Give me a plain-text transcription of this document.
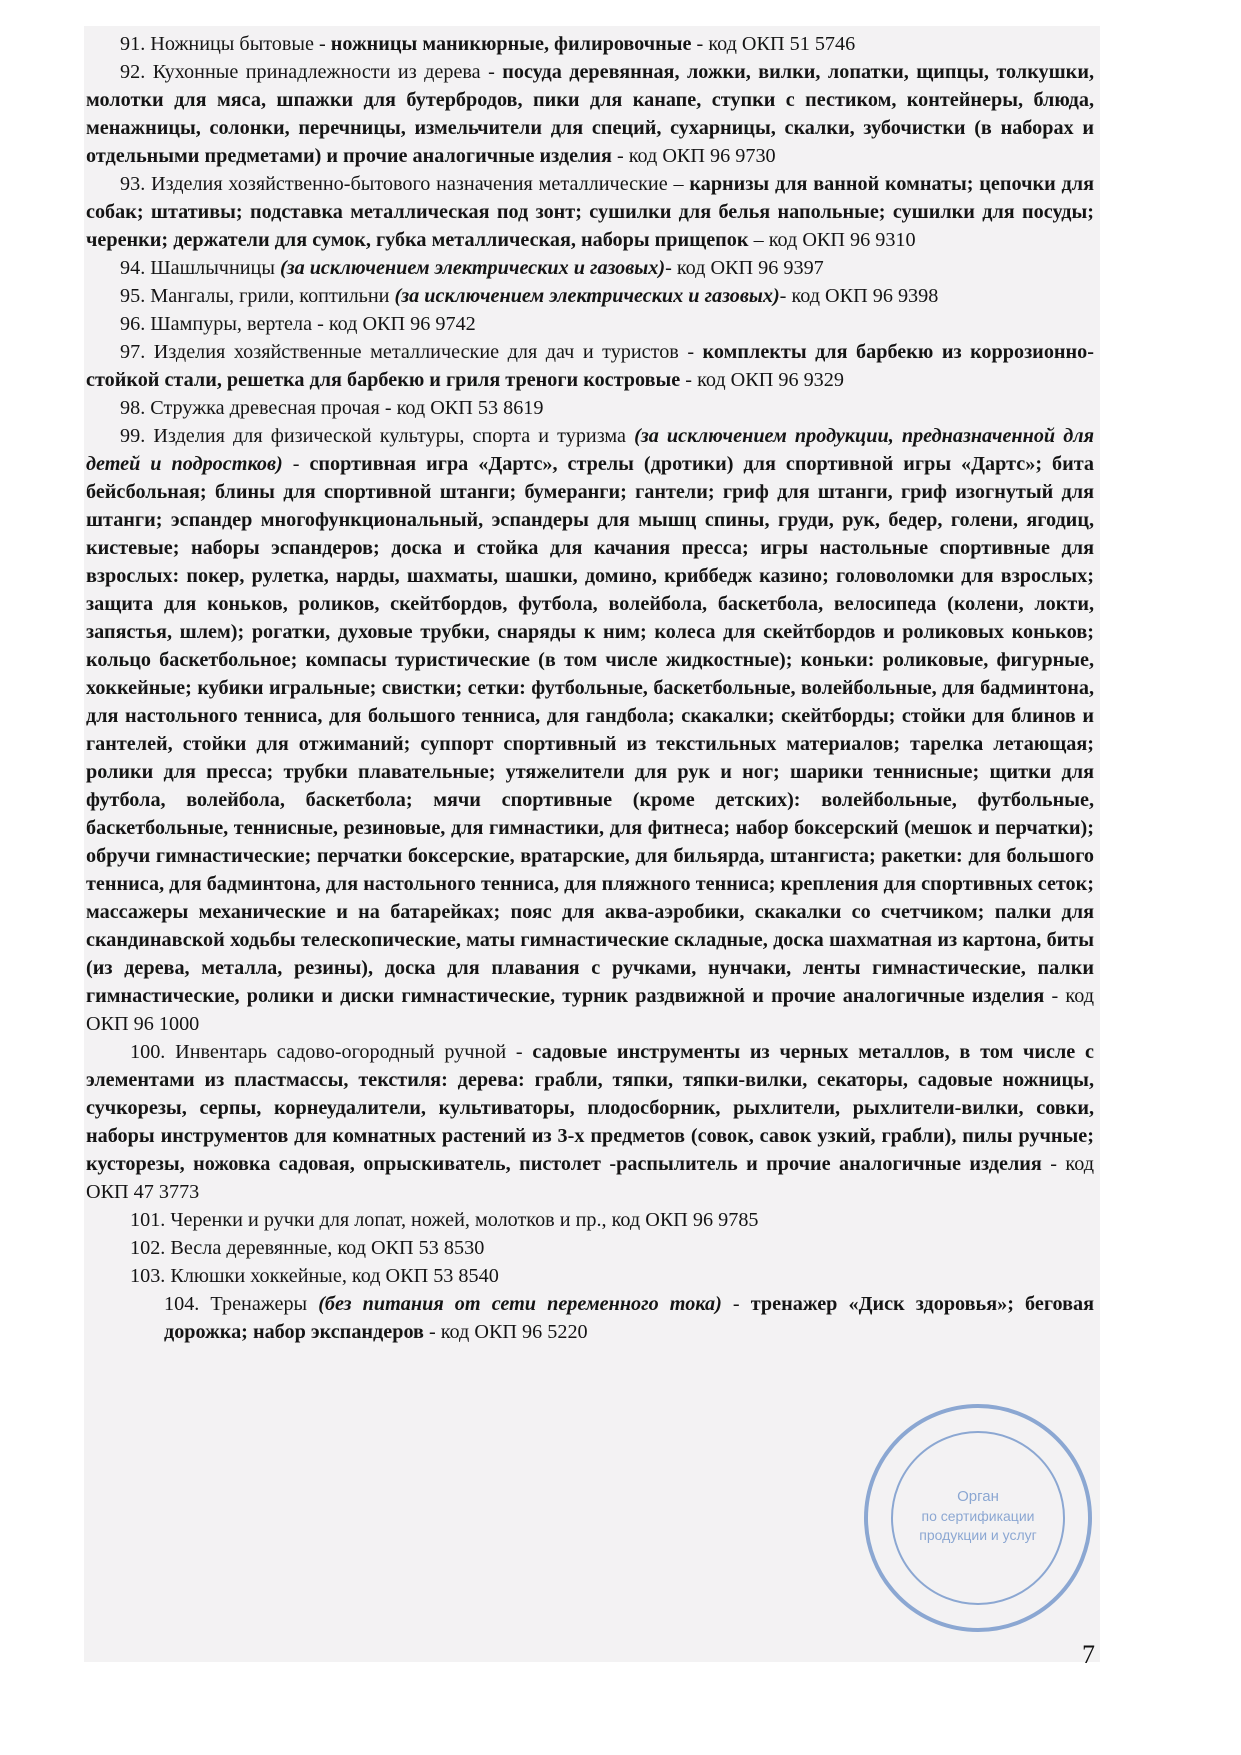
91. Ножницы бытовые - ножницы маникюрные, филировочные - код ОКП 51 5746

92. Кухонные принадлежности из дерева - посуда деревянная, ложки, вилки, лопатки, щипцы, толкушки, молотки для мяса, шпажки для бутербродов, пики для канапе, ступки с пестиком, контейнеры, блюда, менажницы, солонки, перечницы, измельчители для специй, сухарницы, скалки, зубочистки (в наборах и отдельными предметами) и прочие аналогичные изделия - код ОКП 96 9730

93. Изделия хозяйственно-бытового назначения металлические – карнизы для ванной комнаты; цепочки для собак; штативы; подставка металлическая под зонт; сушилки для белья напольные; сушилки для посуды; черенки; держатели для сумок, губка металлическая, наборы прищепок – код ОКП 96 9310

94. Шашлычницы (за исключением электрических и газовых)- код ОКП 96 9397

95. Мангалы, грили, коптильни (за исключением электрических и газовых)- код ОКП 96 9398

96. Шампуры, вертела - код ОКП 96 9742

97. Изделия хозяйственные металлические для дач и туристов - комплекты для барбекю из коррозионно-стойкой стали, решетка для барбекю и гриля треноги костровые - код ОКП 96 9329

98. Стружка древесная прочая - код ОКП 53 8619

99. Изделия для физической культуры, спорта и туризма (за исключением продукции, предназначенной для детей и подростков) - спортивная игра «Дартс», стрелы (дротики) для спортивной игры «Дартс»; бита бейсбольная; блины для спортивной штанги; бумеранги; гантели; гриф для штанги, гриф изогнутый для штанги; эспандер многофункциональный, эспандеры для мышц спины, груди, рук, бедер, голени, ягодиц, кистевые; наборы эспандеров; доска и стойка для качания пресса; игры настольные спортивные для взрослых: покер, рулетка, нарды, шахматы, шашки, домино, криббедж казино; головоломки для взрослых; защита для коньков, роликов, скейтбордов, футбола, волейбола, баскетбола, велосипеда (колени, локти, запястья, шлем); рогатки, духовые трубки, снаряды к ним; колеса для скейтбордов и роликовых коньков; кольцо баскетбольное; компасы туристические (в том числе жидкостные); коньки: роликовые, фигурные, хоккейные; кубики игральные; свистки; сетки: футбольные, баскетбольные, волейбольные, для бадминтона, для настольного тенниса, для большого тенниса, для гандбола; скакалки; скейтборды; стойки для блинов и гантелей, стойки для отжиманий; суппорт спортивный из текстильных материалов; тарелка летающая; ролики для пресса; трубки плавательные; утяжелители для рук и ног; шарики теннисные; щитки для футбола, волейбола, баскетбола; мячи спортивные (кроме детских): волейбольные, футбольные, баскетбольные, теннисные, резиновые, для гимнастики, для фитнеса; набор боксерский (мешок и перчатки); обручи гимнастические; перчатки боксерские, вратарские, для бильярда, штангиста; ракетки: для большого тенниса, для бадминтона, для настольного тенниса, для пляжного тенниса; крепления для спортивных сеток; массажеры механические и на батарейках; пояс для аква-аэробики, скакалки со счетчиком; палки для скандинавской ходьбы телескопические, маты гимнастические складные, доска шахматная из картона, биты (из дерева, металла, резины), доска для плавания с ручками, нунчаки, ленты гимнастические, палки гимнастические, ролики и диски гимнастические, турник раздвижной и прочие аналогичные изделия - код ОКП 96 1000

100. Инвентарь садово-огородный ручной - садовые инструменты из черных металлов, в том числе с элементами из пластмассы, текстиля: дерева: грабли, тяпки, тяпки-вилки, секаторы, садовые ножницы, сучкорезы, серпы, корнеудалители, культиваторы, плодосборник, рыхлители, рыхлители-вилки, совки, наборы инструментов для комнатных растений из 3-х предметов (совок, савок узкий, грабли), пилы ручные; кусторезы, ножовка садовая, опрыскиватель, пистолет -распылитель и прочие аналогичные изделия - код ОКП 47 3773

101. Черенки и ручки для лопат, ножей, молотков и пр., код ОКП 96 9785

102. Весла деревянные, код ОКП 53 8530

103. Клюшки хоккейные, код ОКП 53 8540

104. Тренажеры (без питания от сети переменного тока) - тренажер «Диск здоровья»; беговая дорожка; набор экспандеров - код ОКП 96 5220

Орган
по сертификации
продукции и услуг
7
